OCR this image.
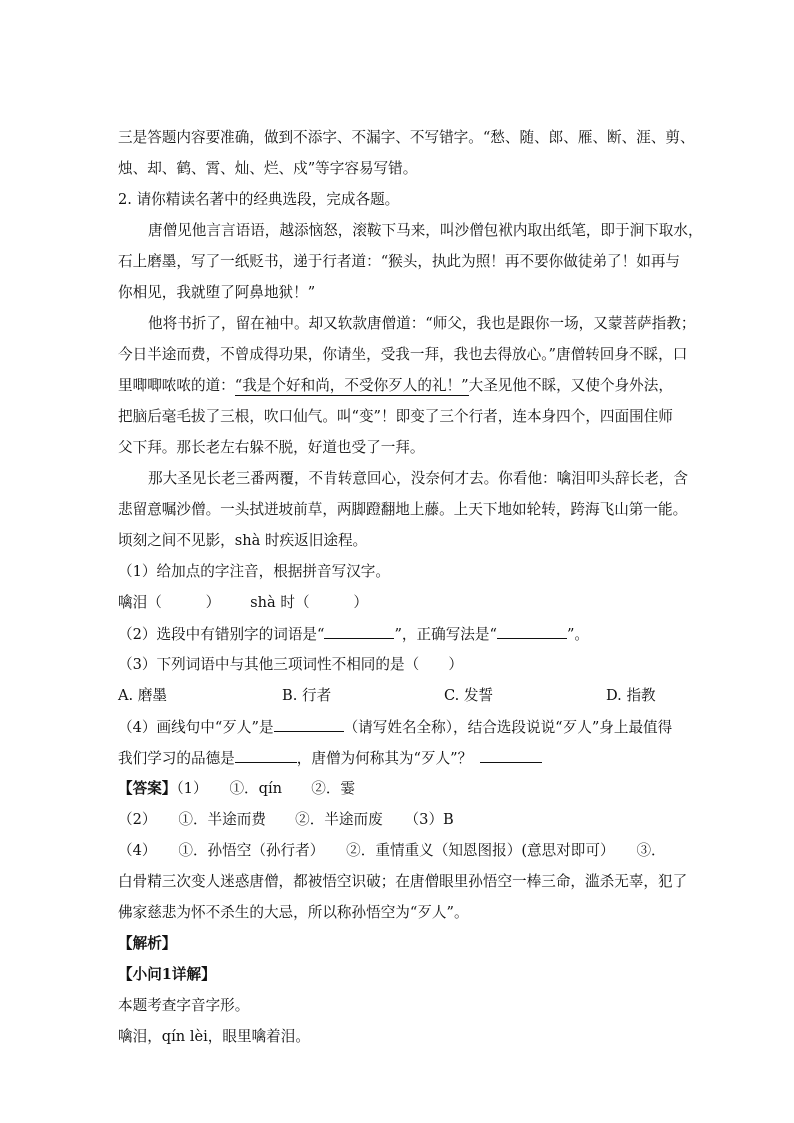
三是答题内容要准确，做到不添字、不漏字、不写错字。“愁、随、郎、雁、断、涯、剪、

烛、却、鹤、霄、灿、烂、戍”等字容易写错。

2. 请你精读名著中的经典选段，完成各题。

唐僧见他言言语语，越添恼怒，滚鞍下马来，叫沙僧包袱内取出纸笔，即于涧下取水，

石上磨墨，写了一纸贬书，递于行者道：“猴头，执此为照！再不要你做徒弟了！如再与

你相见，我就堕了阿鼻地狱！”

他将书折了，留在袖中。却又软款唐僧道：“师父，我也是跟你一场，又蒙菩萨指教；

今日半途而费，不曾成得功果，你请坐，受我一拜，我也去得放心。”唐僧转回身不睬，口

里唧唧哝哝的道：“我是个好和尚，不受你歹人的礼！”大圣见他不睬，又使个身外法，

把脑后毫毛拔了三根，吹口仙气。叫“变”！即变了三个行者，连本身四个，四面围住师

父下拜。那长老左右躲不脱，好道也受了一拜。

那大圣见长老三番两覆，不肯转意回心，没奈何才去。你看他：噙泪叩头辞长老，含

悲留意嘱沙僧。一头拭迸坡前草，两脚蹬翻地上藤。上天下地如轮转，跨海飞山第一能。

顷刻之间不见影，shà 时疾返旧途程。

（1）给加点的字注音，根据拼音写汉字。

噙泪（　　　） shà 时（　　　）

（2）选段中有错别字的词语是“	”，正确写法是“	”。

（3）下列词语中与其他三项词性不相同的是（　　）

A. 磨墨	B. 行者	C. 发誓	D. 指教

（4）画线句中“歹人”是	（请写姓名全称），结合选段说说“歹人”身上最值得

我们学习的品德是	，唐僧为何称其为“歹人”？

【答案】（1）　　①．qín　　②．霎

（2）　　①．半途而费　　②．半途而废　　（3）B

（4）　　①．孙悟空（孙行者）　　②．重情重义（知恩图报）(意思对即可）　　③．

白骨精三次变人迷惑唐僧，都被悟空识破；在唐僧眼里孙悟空一棒三命，滥杀无辜，犯了

佛家慈悲为怀不杀生的大忌，所以称孙悟空为“歹人”。

【解析】

【小问1详解】

本题考查字音字形。

噙泪，qín lèi，眼里噙着泪。
